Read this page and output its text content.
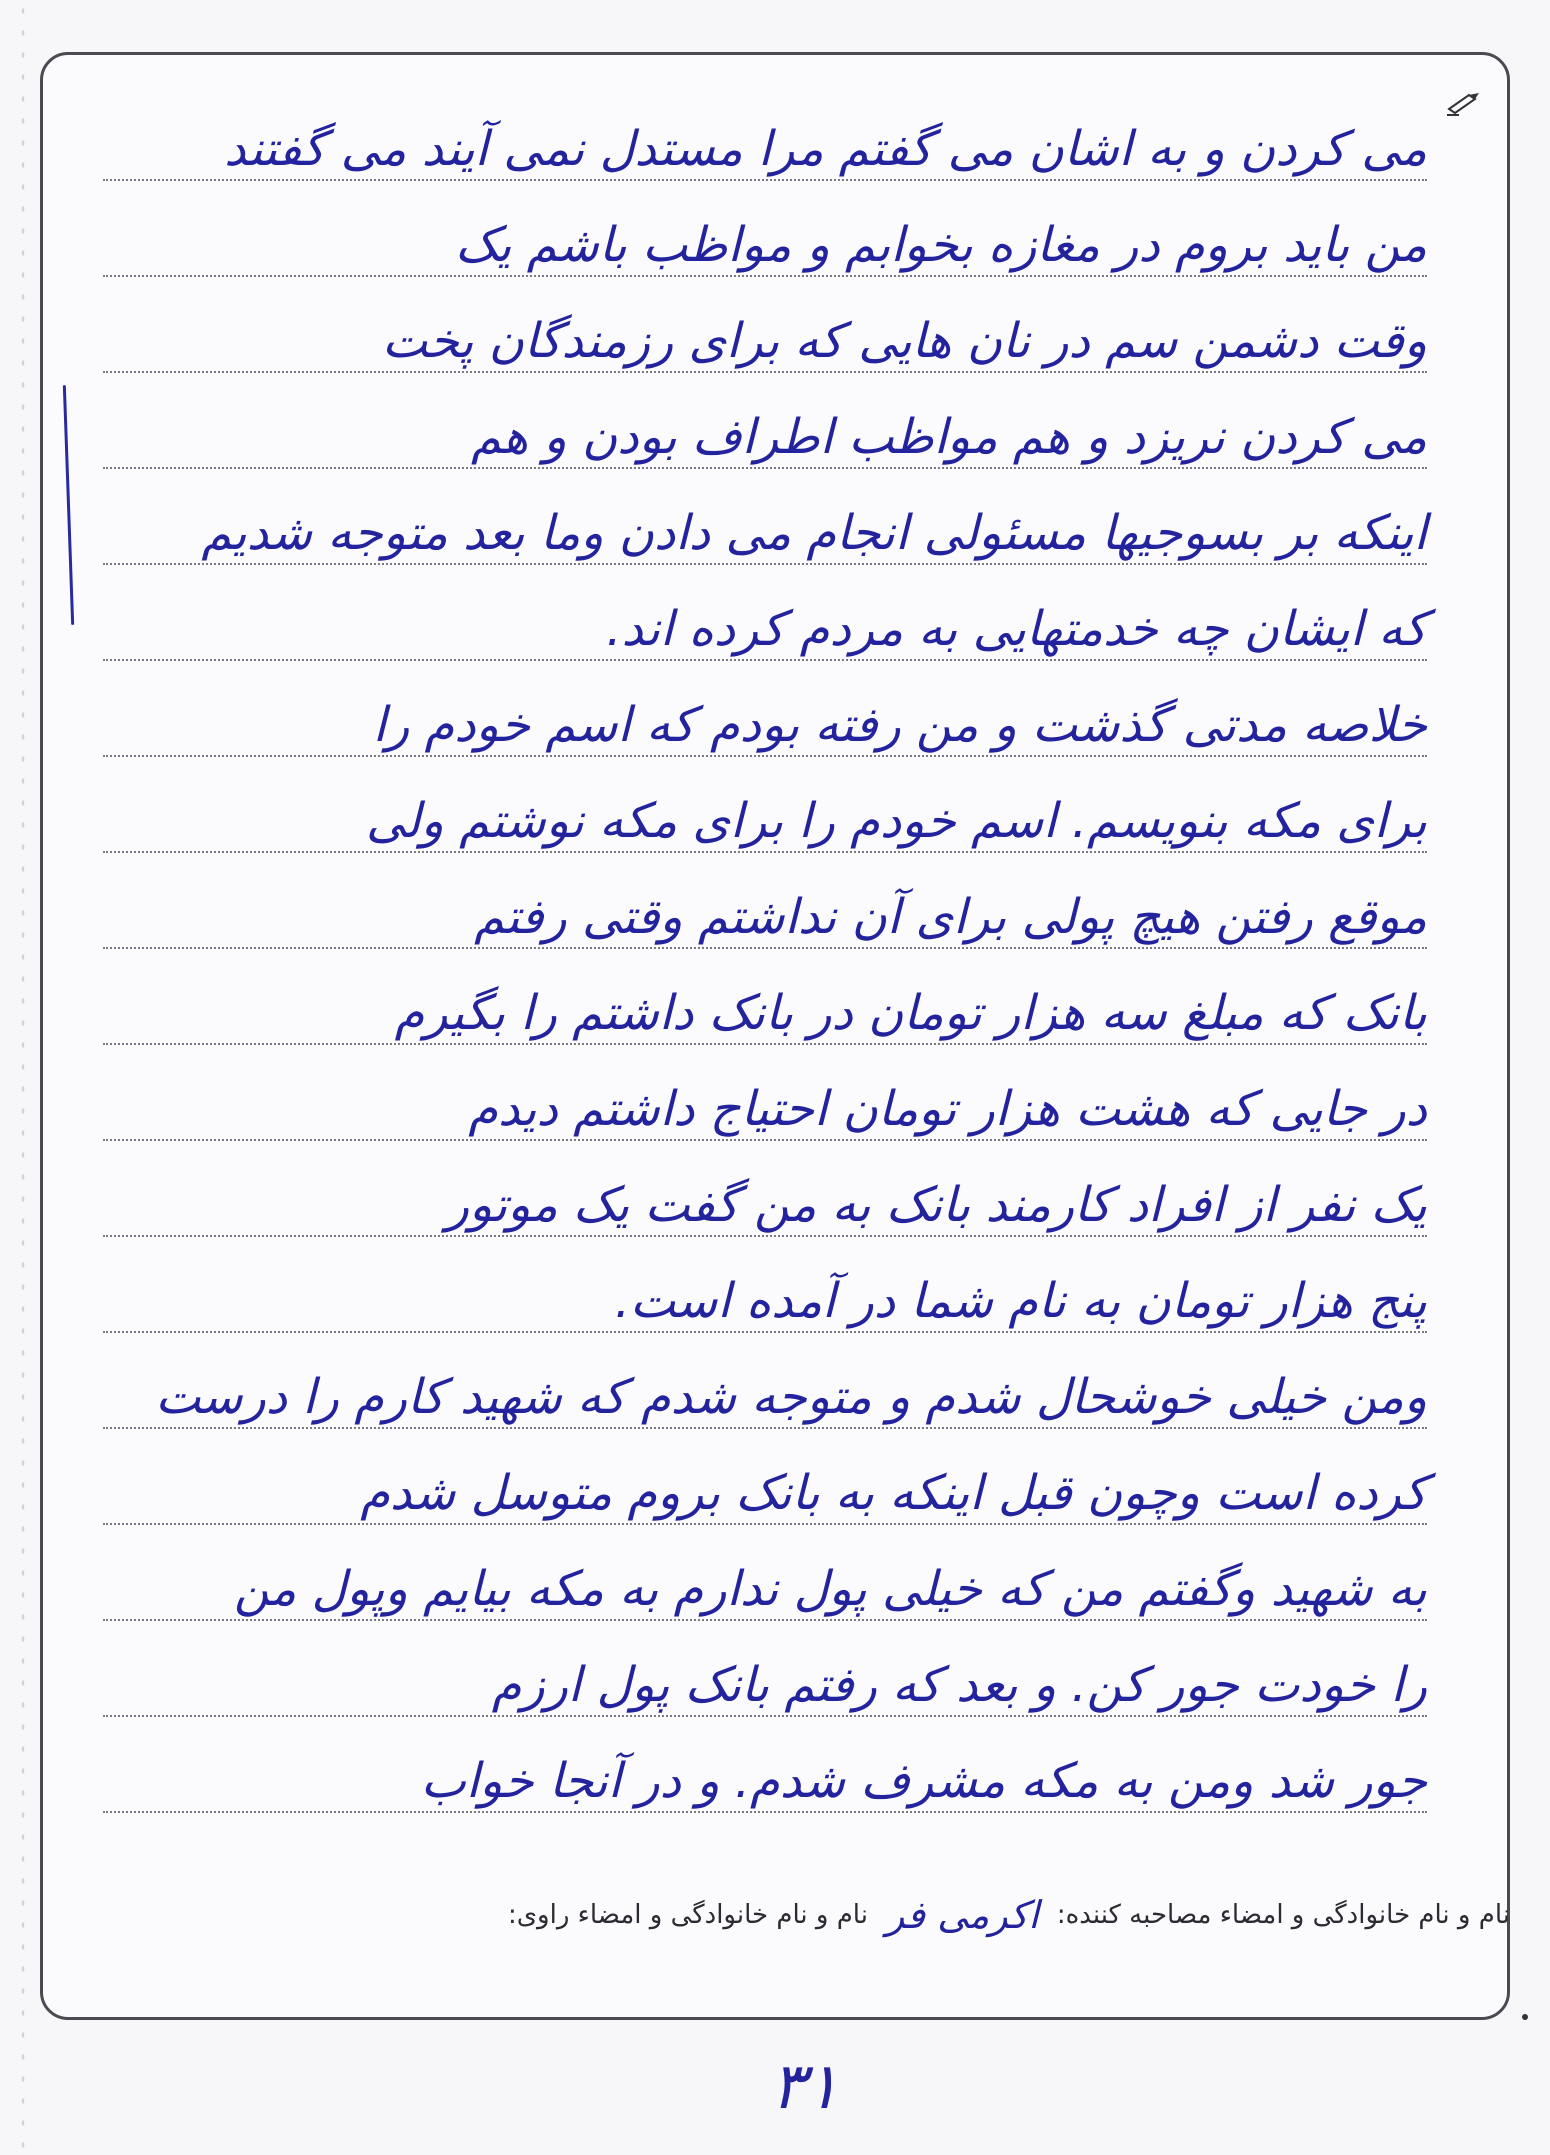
می کردن و به اشان می گفتم مرا مستدل نمی آیند می گفتند
من باید بروم در مغازه بخوابم و مواظب باشم یک
وقت دشمن سم در نان هایی که برای رزمندگان پخت
می کردن نریزد و هم مواظب اطراف بودن و هم
اینکه بر بسوجیها مسئولی انجام می دادن وما بعد متوجه شدیم
که ایشان چه خدمتهایی به مردم کرده اند.
خلاصه مدتی گذشت و من رفته بودم که اسم خودم را
برای مکه بنویسم. اسم خودم را برای مکه نوشتم ولی
موقع رفتن هیچ پولی برای آن نداشتم وقتی رفتم
بانک که مبلغ سه هزار تومان در بانک داشتم را بگیرم
در جایی که هشت هزار تومان احتیاج داشتم دیدم
یک نفر از افراد کارمند بانک به من گفت یک موتور
پنج هزار تومان به نام شما در آمده است.
ومن خیلی خوشحال شدم و متوجه شدم که شهید کارم را درست
کرده است وچون قبل اینکه به بانک بروم متوسل شدم
به شهید وگفتم من که خیلی پول ندارم به مکه بیایم وپول من
را خودت جور کن. و بعد که رفتم بانک پول ارزم
جور شد ومن به مکه مشرف شدم. و در آنجا خواب
نام و نام خانوادگی و امضاء مصاحبه کننده:
اکرمی فر
نام و نام خانوادگی و امضاء راوی:
۳۱
